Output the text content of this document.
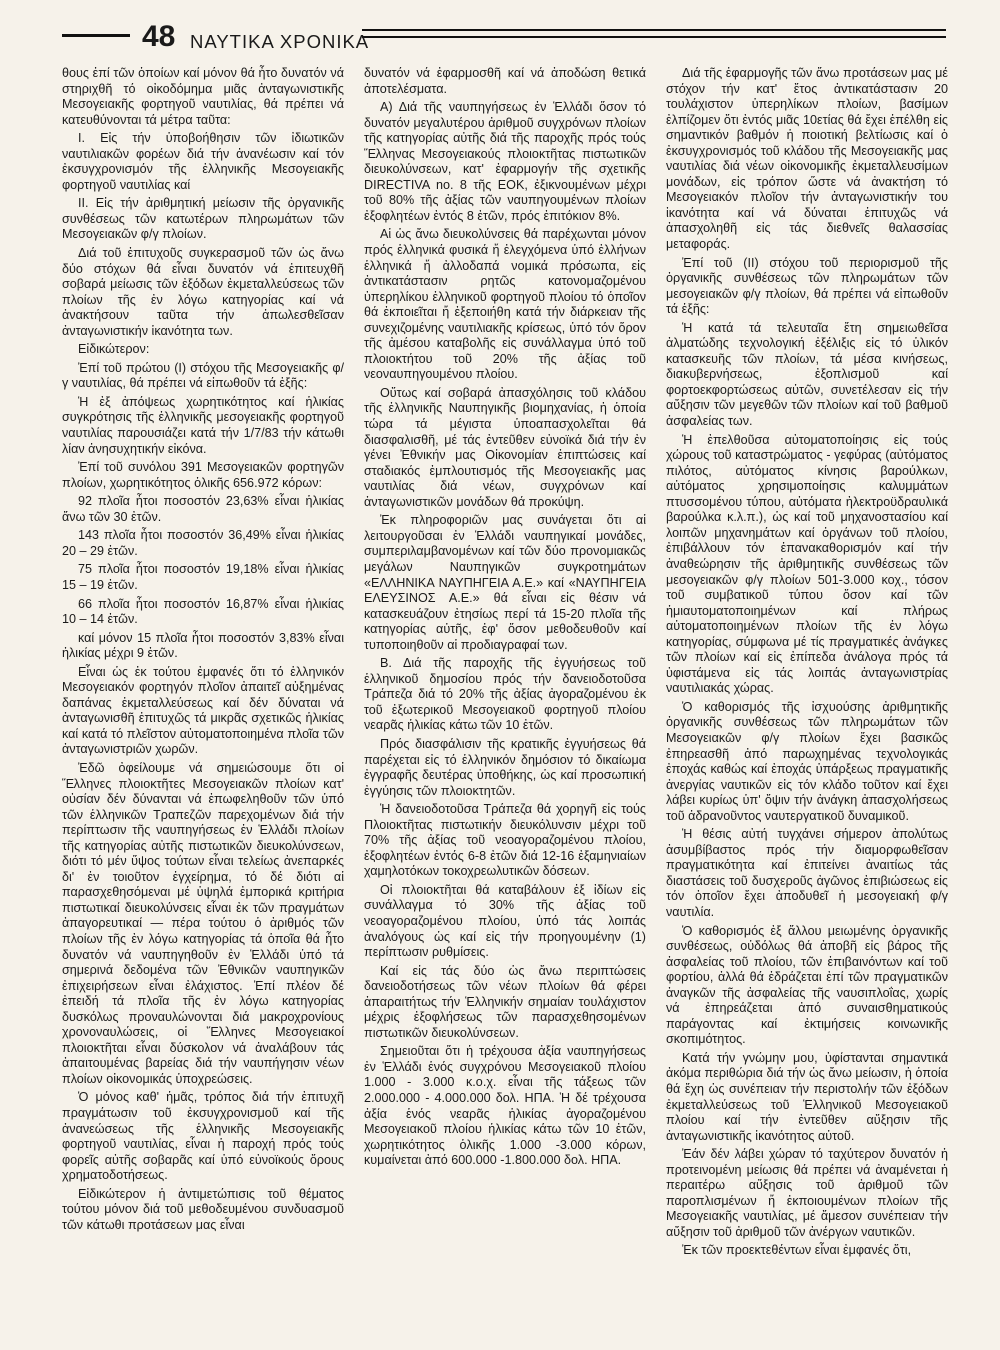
48 ΝΑΥΤΙΚΑ ΧΡΟΝΙΚΑ

θους ἐπί τῶν ὁποίων καί μόνον θά ἦτο δυνατόν νά στηριχθῆ τό οἰκοδόμημα μιᾶς ἀνταγωνιστικῆς Μεσογειακῆς φορτηγοῦ ναυτιλίας, θά πρέπει νά κατευθύνονται τά μέτρα ταῦτα:

Ι. Εἰς τήν ὑποβοήθησιν τῶν ἰδιωτικῶν ναυτιλιακῶν φορέων διά τήν ἀνανέωσιν καί τόν ἐκσυγχρονισμόν τῆς ἑλληνικῆς Μεσογειακῆς φορτηγοῦ ναυτιλίας καί

ΙΙ. Εἰς τήν ἀριθμητική μείωσιν τῆς ὀργανικῆς συνθέσεως τῶν κατωτέρων πληρωμάτων τῶν Μεσογειακῶν φ/γ πλοίων.

Διά τοῦ ἐπιτυχοῦς συγκερασμοῦ τῶν ὡς ἄνω δύο στόχων θά εἶναι δυνατόν νά ἐπιτευχθῆ σοβαρά μείωσις τῶν ἐξόδων ἐκμεταλλεύσεως τῶν πλοίων τῆς ἐν λόγω κατηγορίας καί νά ἀνακτήσουν ταῦτα τήν ἀπωλεσθεῖσαν ἀνταγωνιστικήν ἱκανότητα των.

Εἰδικώτερον:

Ἐπί τοῦ πρώτου (Ι) στόχου τῆς Μεσογειακῆς φ/γ ναυτιλίας, θά πρέπει νά εἰπωθοῦν τά ἑξῆς:

Ἡ ἐξ ἀπόψεως χωρητικότητος καί ἡλικίας συγκρότησις τῆς ἑλληνικῆς μεσογειακῆς φορτηγοῦ ναυτιλίας παρουσιάζει κατά τήν 1/7/83 τήν κάτωθι λίαν ἀνησυχητικήν εἰκόνα.

Ἐπί τοῦ συνόλου 391 Μεσογειακῶν φορτηγῶν πλοίων, χωρητικότητος ὁλικῆς 656.972 κόρων:

92 πλοῖα ἦτοι ποσοστόν 23,63% εἶναι ἡλικίας ἄνω τῶν 30 ἐτῶν.

143 πλοῖα ἦτοι ποσοστόν 36,49% εἶναι ἡλικίας 20 – 29 ἐτῶν.

75 πλοῖα ἦτοι ποσοστόν 19,18% εἶναι ἡλικίας 15 – 19 ἐτῶν.

66 πλοῖα ἦτοι ποσοστόν 16,87% εἶναι ἡλικίας 10 – 14 ἐτῶν.

καί μόνον 15 πλοῖα ἦτοι ποσοστόν 3,83% εἶναι ἡλικίας μέχρι 9 ἐτῶν.

Εἶναι ὡς ἐκ τούτου ἐμφανές ὅτι τό ἑλληνικόν Μεσογειακόν φορτηγόν πλοῖον ἀπαιτεῖ αὐξημένας δαπάνας ἐκμεταλλεύσεως καί δέν δύναται νά ἀνταγωνισθῆ ἐπιτυχῶς τά μικρᾶς σχετικῶς ἡλικίας καί κατά τό πλεῖστον αὐτοματοποιημένα πλοῖα τῶν ἀνταγωνιστριῶν χωρῶν.

Ἐδῶ ὀφείλουμε νά σημειώσουμε ὅτι οἱ Ἕλληνες πλοιοκτῆτες Μεσογειακῶν πλοίων κατ' οὐσίαν δέν δύνανται νά ἐπωφεληθοῦν τῶν ὑπό τῶν ἑλληνικῶν Τραπεζῶν παρεχομένων διά τήν περίπτωσιν τῆς ναυπηγήσεως ἐν Ἑλλάδι πλοίων τῆς κατηγορίας αὐτῆς πιστωτικῶν διευκολύνσεων, διότι τό μέν ὕψος τούτων εἶναι τελείως ἀνεπαρκές δι' ἐν τοιοῦτον ἐγχείρημα, τό δέ διότι αἱ παρασχεθησόμεναι μέ ὑψηλά ἐμπορικά κριτήρια πιστωτικαί διευκολύνσεις εἶναι ἐκ τῶν πραγμάτων ἀπαγορευτικαί — πέρα τούτου ὁ ἀριθμός τῶν πλοίων τῆς ἐν λόγω κατηγορίας τά ὁποῖα θά ἦτο δυνατόν νά ναυπηγηθοῦν ἐν Ἑλλάδι ὑπό τά σημερινά δεδομένα τῶν Ἐθνικῶν ναυπηγικῶν ἐπιχειρήσεων εἶναι ἐλάχιστος. Ἐπί πλέον δέ ἐπειδή τά πλοῖα τῆς ἐν λόγω κατηγορίας δυσκόλως προναυλώνονται διά μακροχρονίους χρονοναυλώσεις, οἱ Ἕλληνες Μεσογειακοί πλοιοκτῆται εἶναι δύσκολον νά ἀναλάβουν τάς ἀπαιτουμένας βαρείας διά τήν ναυπήγησιν νέων πλοίων οἰκονομικάς ὑποχρεώσεις.

Ὁ μόνος καθ' ἡμᾶς, τρόπος διά τήν ἐπιτυχῆ πραγμάτωσιν τοῦ ἐκσυγχρονισμοῦ καί τῆς ἀνανεώσεως τῆς ἑλληνικῆς Μεσογειακῆς φορτηγοῦ ναυτιλίας, εἶναι ἡ παροχή πρός τούς φορεῖς αὐτῆς σοβαρᾶς καί ὑπό εὐνοϊκούς ὅρους χρηματοδοτήσεως.

Εἰδικώτερον ἡ ἀντιμετώπισις τοῦ θέματος τούτου μόνον διά τοῦ μεθοδευμένου συνδυασμοῦ τῶν κάτωθι προτάσεων μας εἶναι

δυνατόν νά ἐφαρμοσθῆ καί νά ἀποδώση θετικά ἀποτελέσματα.

Α) Διά τῆς ναυπηγήσεως ἐν Ἑλλάδι ὅσον τό δυνατόν μεγαλυτέρου ἀριθμοῦ συγχρόνων πλοίων τῆς κατηγορίας αὐτῆς διά τῆς παροχῆς πρός τούς Ἕλληνας Μεσογειακούς πλοιοκτῆτας πιστωτικῶν διευκολύνσεων, κατ' ἐφαρμογήν τῆς σχετικῆς DIRECTIVA no. 8 τῆς ΕΟΚ, ἐξικνουμένων μέχρι τοῦ 80% τῆς ἀξίας τῶν ναυπηγουμένων πλοίων ἐξοφλητέων ἐντός 8 ἐτῶν, πρός ἐπιτόκιον 8%.

Αἱ ὡς ἄνω διευκολύνσεις θά παρέχωνται μόνον πρός ἑλληνικά φυσικά ἤ ἐλεγχόμενα ὑπό ἑλλήνων ἑλληνικά ἤ ἀλλοδαπά νομικά πρόσωπα, εἰς ἀντικατάστασιν ρητῶς κατονομαζομένου ὑπερηλίκου ἑλληνικοῦ φορτηγοῦ πλοίου τό ὁποῖον θά ἐκποιεῖται ἤ ἐξεποιήθη κατά τήν διάρκειαν τῆς συνεχιζομένης ναυτιλιακῆς κρίσεως, ὑπό τόν ὅρον τῆς ἀμέσου καταβολῆς εἰς συνάλλαγμα ὑπό τοῦ πλοιοκτήτου τοῦ 20% τῆς ἀξίας τοῦ νεοναυπηγουμένου πλοίου.

Οὕτως καί σοβαρά ἀπασχόλησις τοῦ κλάδου τῆς ἑλληνικῆς Ναυπηγικῆς βιομηχανίας, ἡ ὁποία τώρα τά μέγιστα ὑποαπασχολεῖται θά διασφαλισθῆ, μέ τάς ἐντεῦθεν εὐνοϊκά διά τήν ἐν γένει Ἐθνικήν μας Οἰκονομίαν ἐπιπτώσεις καί σταδιακός ἐμπλουτισμός τῆς Μεσογειακῆς μας ναυτιλίας διά νέων, συγχρόνων καί ἀνταγωνιστικῶν μονάδων θά προκύψη.

Ἐκ πληροφοριῶν μας συνάγεται ὅτι αἱ λειτουργοῦσαι ἐν Ἑλλάδι ναυπηγικαί μονάδες, συμπεριλαμβανομένων καί τῶν δύο προνομιακῶς μεγάλων Ναυπηγικῶν συγκροτημάτων «ΕΛΛΗΝΙΚΑ ΝΑΥΠΗΓΕΙΑ Α.Ε.» καί «ΝΑΥΠΗΓΕΙΑ ΕΛΕΥΣΙΝΟΣ Α.Ε.» θά εἶναι εἰς θέσιν νά κατασκευάζουν ἐτησίως περί τά 15-20 πλοῖα τῆς κατηγορίας αὐτῆς, ἐφ' ὅσον μεθοδευθοῦν καί τυποποιηθοῦν αἱ προδιαγραφαί των.

Β. Διά τῆς παροχῆς τῆς ἐγγυήσεως τοῦ ἑλληνικοῦ δημοσίου πρός τήν δανειοδοτοῦσα Τράπεζα διά τό 20% τῆς ἀξίας ἀγοραζομένου ἐκ τοῦ ἐξωτερικοῦ Μεσογειακοῦ φορτηγοῦ πλοίου νεαρᾶς ἡλικίας κάτω τῶν 10 ἐτῶν.

Πρός διασφάλισιν τῆς κρατικῆς ἐγγυήσεως θά παρέχεται εἰς τό ἑλληνικόν δημόσιον τό δικαίωμα ἐγγραφῆς δευτέρας ὑποθήκης, ὡς καί προσωπική ἐγγύησις τῶν πλοιοκτητῶν.

Ἡ δανειοδοτοῦσα Τράπεζα θά χορηγῆ εἰς τούς Πλοιοκτῆτας πιστωτικήν διευκόλυνσιν μέχρι τοῦ 70% τῆς ἀξίας τοῦ νεοαγοραζομένου πλοίου, ἐξοφλητέων ἐντός 6-8 ἐτῶν διά 12-16 ἐξαμηνιαίων χαμηλοτόκων τοκοχρεωλυτικῶν δόσεων.

Οἱ πλοιοκτῆται θά καταβάλουν ἐξ ἰδίων εἰς συνάλλαγμα τό 30% τῆς ἀξίας τοῦ νεοαγοραζομένου πλοίου, ὑπό τάς λοιπάς ἀναλόγους ὡς καί εἰς τήν προηγουμένην (1) περίπτωσιν ρυθμίσεις.

Καί εἰς τάς δύο ὡς ἄνω περιπτώσεις δανειοδοτήσεως τῶν νέων πλοίων θά φέρει ἀπαραιτήτως τήν Ἑλληνικήν σημαίαν τουλάχιστον μέχρις ἐξοφλήσεως τῶν παρασχεθησομένων πιστωτικῶν διευκολύνσεων.

Σημειοῦται ὅτι ἡ τρέχουσα ἀξία ναυπηγήσεως ἐν Ἑλλάδι ἑνός συγχρόνου Μεσογειακοῦ πλοίου 1.000 - 3.000 κ.ο.χ. εἶναι τῆς τάξεως τῶν 2.000.000 - 4.000.000 δολ. ΗΠΑ. Ἡ δέ τρέχουσα ἀξία ἑνός νεαρᾶς ἡλικίας ἀγοραζομένου Μεσογειακοῦ πλοίου ἡλικίας κάτω τῶν 10 ἐτῶν, χωρητικότητος ὁλικῆς 1.000 -3.000 κόρων, κυμαίνεται ἀπό 600.000 -1.800.000 δολ. ΗΠΑ.

Διά τῆς ἐφαρμογῆς τῶν ἄνω προτάσεων μας μέ στόχον τήν κατ' ἔτος ἀντικατάστασιν 20 τουλάχιστον ὑπερηλίκων πλοίων, βασίμων ἐλπίζομεν ὅτι ἐντός μιᾶς 10ετίας θά ἔχει ἐπέλθη εἰς σημαντικόν βαθμόν ἡ ποιοτική βελτίωσις καί ὁ ἐκσυγχρονισμός τοῦ κλάδου τῆς Μεσογειακῆς μας ναυτιλίας διά νέων οἰκονομικῆς ἐκμεταλλευσίμων μονάδων, εἰς τρόπον ὥστε νά ἀνακτήση τό Μεσογειακόν πλοῖον τήν ἀνταγωνιστικήν του ἱκανότητα καί νά δύναται ἐπιτυχῶς νά ἀπασχοληθῆ εἰς τάς διεθνεῖς θαλασσίας μεταφοράς.

Ἐπί τοῦ (ΙΙ) στόχου τοῦ περιορισμοῦ τῆς ὀργανικῆς συνθέσεως τῶν πληρωμάτων τῶν μεσογειακῶν φ/γ πλοίων, θά πρέπει νά εἰπωθοῦν τά ἑξῆς:

Ἡ κατά τά τελευταῖα ἔτη σημειωθεῖσα ἀλματώδης τεχνολογική ἐξέλιξις εἰς τό ὑλικόν κατασκευῆς τῶν πλοίων, τά μέσα κινήσεως, διακυβερνήσεως, ἐξοπλισμοῦ καί φορτοεκφορτώσεως αὐτῶν, συνετέλεσαν εἰς τήν αὔξησιν τῶν μεγεθῶν τῶν πλοίων καί τοῦ βαθμοῦ ἀσφαλείας των.

Ἡ ἐπελθοῦσα αὐτοματοποίησις εἰς τούς χώρους τοῦ καταστρώματος - γεφύρας (αὐτόματος πιλότος, αὐτόματος κίνησις βαρούλκων, αὐτόματος χρησιμοποίησις καλυμμάτων πτυσσομένου τύπου, αὐτόματα ἠλεκτροϋδραυλικά βαρούλκα κ.λ.π.), ὡς καί τοῦ μηχανοστασίου καί λοιπῶν μηχανημάτων καί ὀργάνων τοῦ πλοίου, ἐπιβάλλουν τόν ἐπανακαθορισμόν καί τήν ἀναθεώρησιν τῆς ἀριθμητικῆς συνθέσεως τῶν μεσογειακῶν φ/γ πλοίων 501-3.000 κοχ., τόσον τοῦ συμβατικοῦ τύπου ὅσον καί τῶν ἡμιαυτοματοποιημένων καί πλήρως αὐτοματοποιημένων πλοίων τῆς ἐν λόγω κατηγορίας, σύμφωνα μέ τίς πραγματικές ἀνάγκες τῶν πλοίων καί εἰς ἐπίπεδα ἀνάλογα πρός τά ὑφιστάμενα εἰς τάς λοιπάς ἀνταγωνιστρίας ναυτιλιακάς χώρας.

Ὁ καθορισμός τῆς ἰσχυούσης ἀριθμητικῆς ὀργανικῆς συνθέσεως τῶν πληρωμάτων τῶν Μεσογειακῶν φ/γ πλοίων ἔχει βασικῶς ἐπηρεασθῆ ἀπό παρωχημένας τεχνολογικάς ἐποχάς καθώς καί ἐποχάς ὑπάρξεως πραγματικῆς ἀνεργίας ναυτικῶν εἰς τόν κλάδο τοῦτον καί ἔχει λάβει κυρίως ὑπ' ὄψιν τήν ἀνάγκη ἀπασχολήσεως τοῦ ἀδρανοῦντος ναυτεργατικοῦ δυναμικοῦ.

Ἡ θέσις αὐτή τυγχάνει σήμερον ἀπολύτως ἀσυμβίβαστος πρός τήν διαμορφωθεῖσαν πραγματικότητα καί ἐπιτείνει ἀναιτίως τάς διαστάσεις τοῦ δυσχεροῦς ἀγῶνος ἐπιβιώσεως εἰς τόν ὁποῖον ἔχει ἀποδυθεῖ ἡ μεσογειακή φ/γ ναυτιλία.

Ὁ καθορισμός ἐξ ἄλλου μειωμένης ὀργανικῆς συνθέσεως, οὐδόλως θά ἀποβῆ εἰς βάρος τῆς ἀσφαλείας τοῦ πλοίου, τῶν ἐπιβαινόντων καί τοῦ φορτίου, ἀλλά θά ἑδράζεται ἐπί τῶν πραγματικῶν ἀναγκῶν τῆς ἀσφαλείας τῆς ναυσιπλοΐας, χωρίς νά ἐπηρεάζεται ἀπό συναισθηματικούς παράγοντας καί ἐκτιμήσεις κοινωνικῆς σκοπιμότητος.

Κατά τήν γνώμην μου, ὑφίστανται σημαντικά ἀκόμα περιθώρια διά τήν ὡς ἄνω μείωσιν, ἡ ὁποία θά ἔχη ὡς συνέπειαν τήν περιστολήν τῶν ἐξόδων ἐκμεταλλεύσεως τοῦ Ἑλληνικοῦ Μεσογειακοῦ πλοίου καί τήν ἐντεῦθεν αὔξησιν τῆς ἀνταγωνιστικῆς ἱκανότητος αὐτοῦ.

Ἐάν δέν λάβει χώραν τό ταχύτερον δυνατόν ἡ προτεινομένη μείωσις θά πρέπει νά ἀναμένεται ἡ περαιτέρω αὔξησις τοῦ ἀριθμοῦ τῶν παροπλισμένων ἤ ἐκποιουμένων πλοίων τῆς Μεσογειακῆς ναυτιλίας, μέ ἄμεσον συνέπειαν τήν αὔξησιν τοῦ ἀριθμοῦ τῶν ἀνέργων ναυτικῶν.

Ἐκ τῶν προεκτεθέντων εἶναι ἐμφανές ὅτι,
